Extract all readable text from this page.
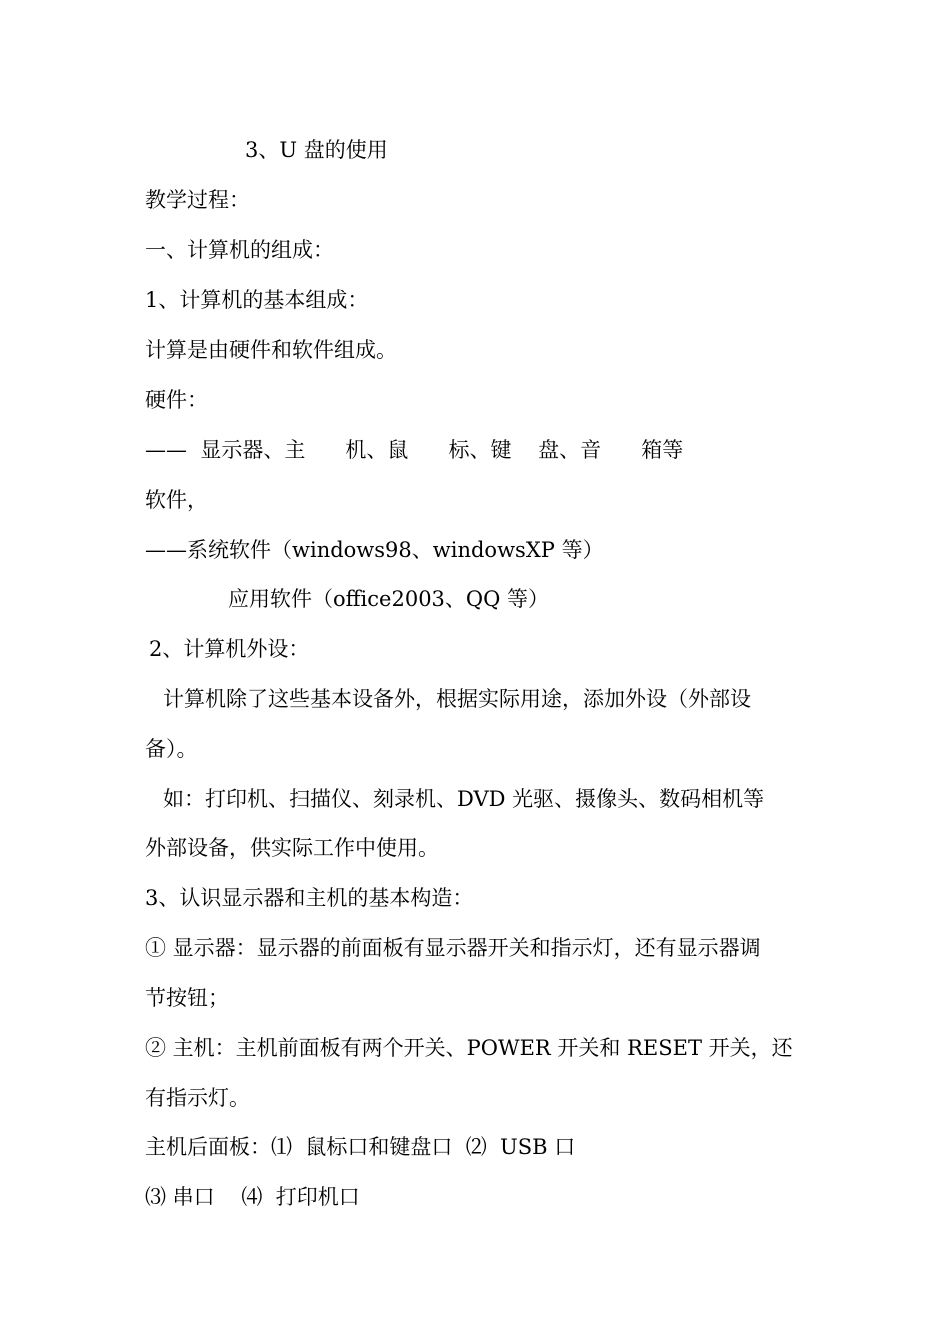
3、U 盘的使用
教学过程：
一、计算机的组成：
1、计算机的基本组成：
计算是由硬件和软件组成。
硬件：
——  显示器、主      机、鼠      标、键    盘、音      箱等
软件，
——系统软件（windows98、windowsXP 等）
应用软件（office2003、QQ 等）
2、计算机外设：
计算机除了这些基本设备外，根据实际用途，添加外设（外部设
备）。
如：打印机、扫描仪、刻录机、DVD 光驱、摄像头、数码相机等
外部设备，供实际工作中使用。
3、认识显示器和主机的基本构造：
① 显示器：显示器的前面板有显示器开关和指示灯，还有显示器调
节按钮；
② 主机：主机前面板有两个开关、POWER 开关和 RESET 开关，还
有指示灯。
主机后面板：⑴  鼠标口和键盘口  ⑵  USB 口
⑶ 串口    ⑷  打印机口
